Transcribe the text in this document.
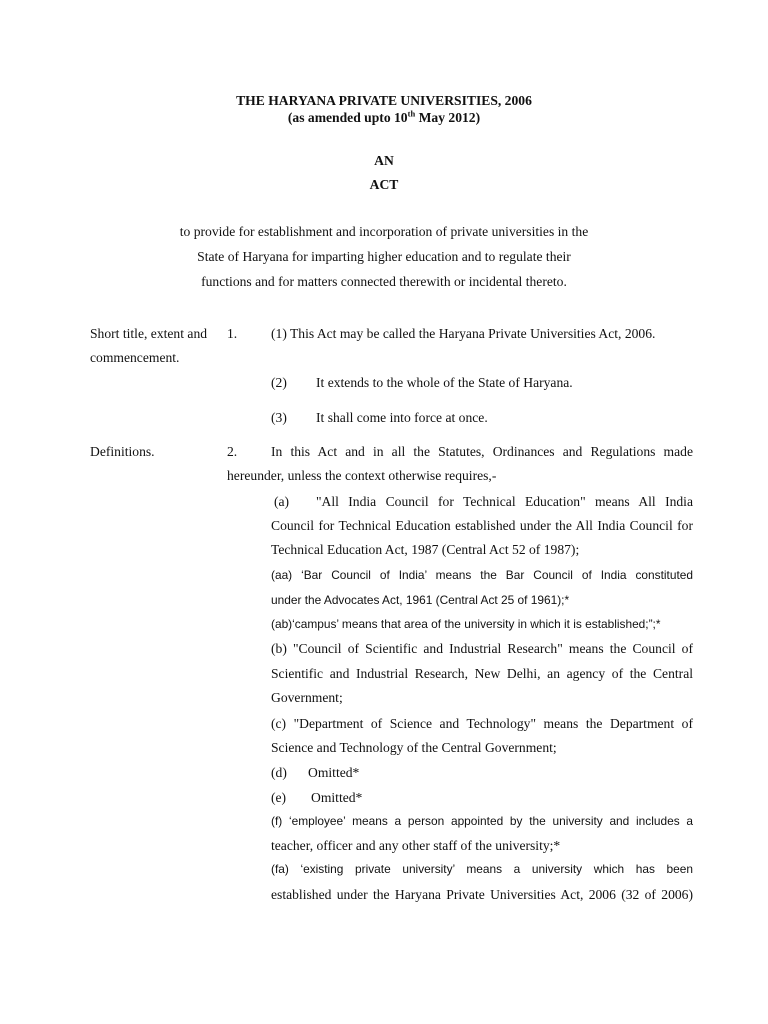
THE HARYANA PRIVATE UNIVERSITIES, 2006
(as amended upto 10th May 2012)
AN
ACT
to provide for establishment and incorporation of private universities in the
State of Haryana for imparting higher education and to regulate their
functions and for matters connected therewith or incidental thereto.
Short title, extent and
commencement.
1. (1) This Act may be called the Haryana Private Universities Act, 2006.
(2) It extends to the whole of the State of Haryana.
(3) It shall come into force at once.
Definitions.	2. In this Act and in all the Statutes, Ordinances and Regulations made
hereunder, unless the context otherwise requires,-
(a) "All India Council for Technical Education" means All India
Council for Technical Education established under the All India Council for
Technical Education Act, 1987 (Central Act 52 of 1987);
(aa) ‘Bar Council of India’ means the Bar Council of India constituted
under the Advocates Act, 1961 (Central Act 25 of 1961);*
(ab)‘campus’ means that area of the university in which it is established;”;*
(b) "Council of Scientific and Industrial Research" means the Council of
Scientific and Industrial Research, New Delhi, an agency of the Central
Government;
(c) "Department of Science and Technology" means the Department of
Science and Technology of the Central Government;
(d) Omitted*
(e) Omitted*
(f) ‘employee’ means a person appointed by the university and includes a
teacher, officer and any other staff of the university;*
(fa) ‘existing private university’ means a university which has been
established under the Haryana Private Universities Act, 2006 (32 of 2006)
